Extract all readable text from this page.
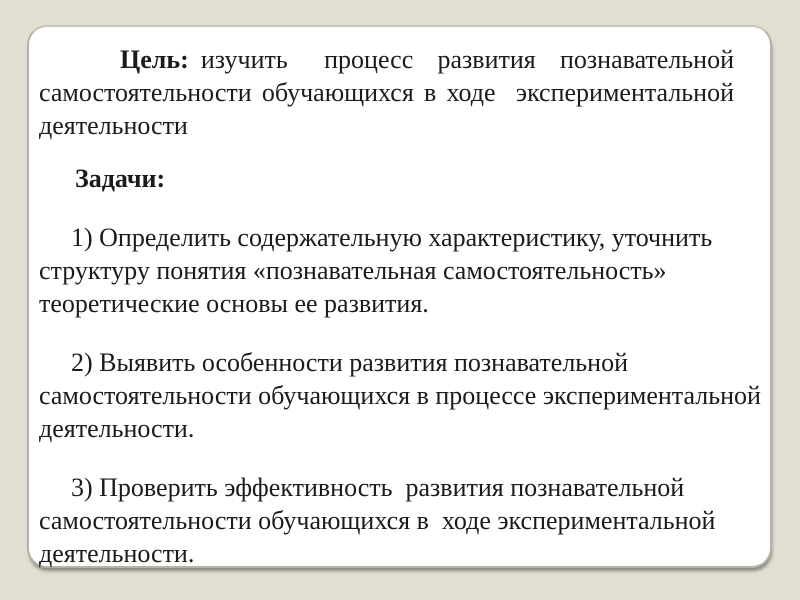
Цель: изучить   процесс  развития  познавательной
самостоятельности обучающихся в ходе  экспериментальной
деятельности
Задачи:
1) Определить содержательную характеристику, уточнить
структуру понятия «познавательная самостоятельность»
теоретические основы ее развития.
2) Выявить особенности развития познавательной
самостоятельности обучающихся в процессе экспериментальной
деятельности.
3) Проверить эффективность  развития познавательной
самостоятельности обучающихся в  ходе экспериментальной
деятельности.
